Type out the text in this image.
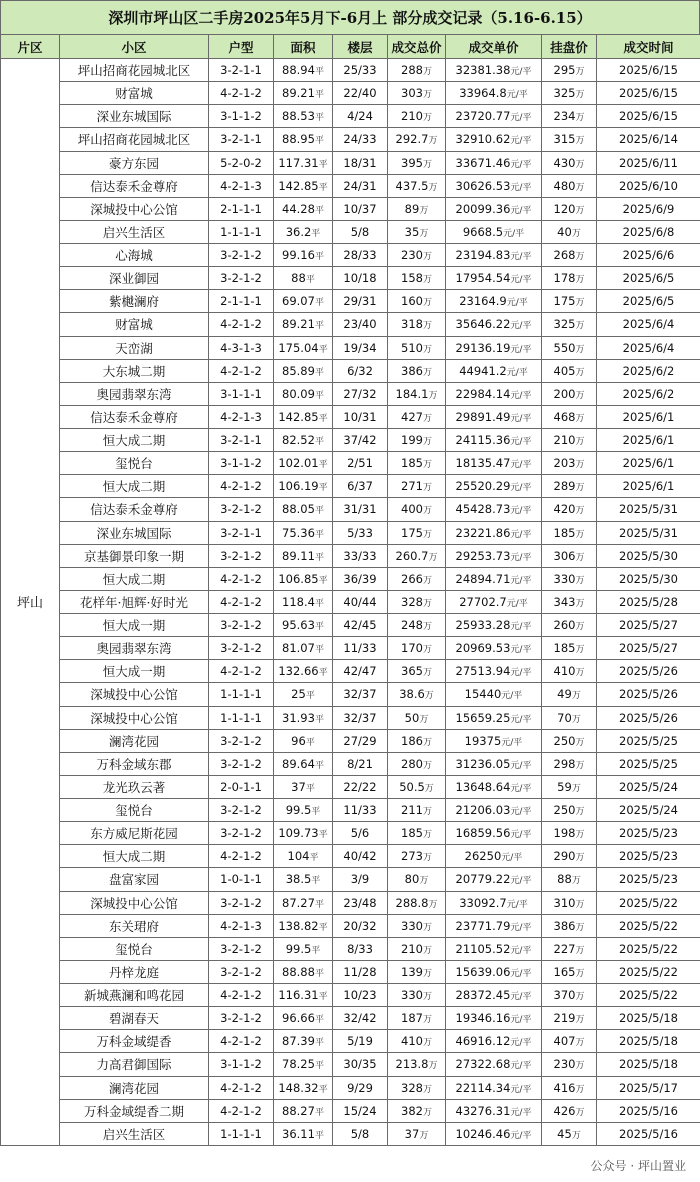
深圳市坪山区二手房2025年5月下-6月上 部分成交记录（5.16-6.15）
片区	小区	户型	面积	楼层	成交总价	成交单价	挂盘价	成交时间
坪山	坪山招商花园城北区	3-2-1-1	88.94平	25/33	288万	32381.38元/平	295万	2025/6/15
	财富城	4-2-1-2	89.21平	22/40	303万	33964.8元/平	325万	2025/6/15
	深业东城国际	3-1-1-2	88.53平	4/24	210万	23720.77元/平	234万	2025/6/15
	坪山招商花园城北区	3-2-1-1	88.95平	24/33	292.7万	32910.62元/平	315万	2025/6/14
	豪方东园	5-2-0-2	117.31平	18/31	395万	33671.46元/平	430万	2025/6/11
	信达泰禾金尊府	4-2-1-3	142.85平	24/31	437.5万	30626.53元/平	480万	2025/6/10
	深城投中心公馆	2-1-1-1	44.28平	10/37	89万	20099.36元/平	120万	2025/6/9
	启兴生活区	1-1-1-1	36.2平	5/8	35万	9668.5元/平	40万	2025/6/8
	心海城	3-2-1-2	99.16平	28/33	230万	23194.83元/平	268万	2025/6/6
	深业御园	3-2-1-2	88平	10/18	158万	17954.54元/平	178万	2025/6/5
	紫樾澜府	2-1-1-1	69.07平	29/31	160万	23164.9元/平	175万	2025/6/5
	财富城	4-2-1-2	89.21平	23/40	318万	35646.22元/平	325万	2025/6/4
	天峦湖	4-3-1-3	175.04平	19/34	510万	29136.19元/平	550万	2025/6/4
	大东城二期	4-2-1-2	85.89平	6/32	386万	44941.2元/平	405万	2025/6/2
	奥园翡翠东湾	3-1-1-1	80.09平	27/32	184.1万	22984.14元/平	200万	2025/6/2
	信达泰禾金尊府	4-2-1-3	142.85平	10/31	427万	29891.49元/平	468万	2025/6/1
	恒大成二期	3-2-1-1	82.52平	37/42	199万	24115.36元/平	210万	2025/6/1
	玺悦台	3-1-1-2	102.01平	2/51	185万	18135.47元/平	203万	2025/6/1
	恒大成二期	4-2-1-2	106.19平	6/37	271万	25520.29元/平	289万	2025/6/1
	信达泰禾金尊府	3-2-1-2	88.05平	31/31	400万	45428.73元/平	420万	2025/5/31
	深业东城国际	3-2-1-1	75.36平	5/33	175万	23221.86元/平	185万	2025/5/31
	京基御景印象一期	3-2-1-2	89.11平	33/33	260.7万	29253.73元/平	306万	2025/5/30
	恒大成二期	4-2-1-2	106.85平	36/39	266万	24894.71元/平	330万	2025/5/30
	花样年·旭辉·好时光	4-2-1-2	118.4平	40/44	328万	27702.7元/平	343万	2025/5/28
	恒大成一期	3-2-1-2	95.63平	42/45	248万	25933.28元/平	260万	2025/5/27
	奥园翡翠东湾	3-2-1-2	81.07平	11/33	170万	20969.53元/平	185万	2025/5/27
	恒大成一期	4-2-1-2	132.66平	42/47	365万	27513.94元/平	410万	2025/5/26
	深城投中心公馆	1-1-1-1	25平	32/37	38.6万	15440元/平	49万	2025/5/26
	深城投中心公馆	1-1-1-1	31.93平	32/37	50万	15659.25元/平	70万	2025/5/26
	澜湾花园	3-2-1-2	96平	27/29	186万	19375元/平	250万	2025/5/25
	万科金域东郡	3-2-1-2	89.64平	8/21	280万	31236.05元/平	298万	2025/5/25
	龙光玖云著	2-0-1-1	37平	22/22	50.5万	13648.64元/平	59万	2025/5/24
	玺悦台	3-2-1-2	99.5平	11/33	211万	21206.03元/平	250万	2025/5/24
	东方威尼斯花园	3-2-1-2	109.73平	5/6	185万	16859.56元/平	198万	2025/5/23
	恒大成二期	4-2-1-2	104平	40/42	273万	26250元/平	290万	2025/5/23
	盘富家园	1-0-1-1	38.5平	3/9	80万	20779.22元/平	88万	2025/5/23
	深城投中心公馆	3-2-1-2	87.27平	23/48	288.8万	33092.7元/平	310万	2025/5/22
	东关珺府	4-2-1-3	138.82平	20/32	330万	23771.79元/平	386万	2025/5/22
	玺悦台	3-2-1-2	99.5平	8/33	210万	21105.52元/平	227万	2025/5/22
	丹梓龙庭	3-2-1-2	88.88平	11/28	139万	15639.06元/平	165万	2025/5/22
	新城燕澜和鸣花园	4-2-1-2	116.31平	10/23	330万	28372.45元/平	370万	2025/5/22
	碧湖春天	3-2-1-2	96.66平	32/42	187万	19346.16元/平	219万	2025/5/18
	万科金域缇香	4-2-1-2	87.39平	5/19	410万	46916.12元/平	407万	2025/5/18
	力高君御国际	3-1-1-2	78.25平	30/35	213.8万	27322.68元/平	230万	2025/5/18
	澜湾花园	4-2-1-2	148.32平	9/29	328万	22114.34元/平	416万	2025/5/17
	万科金域缇香二期	4-2-1-2	88.27平	15/24	382万	43276.31元/平	426万	2025/5/16
	启兴生活区	1-1-1-1	36.11平	5/8	37万	10246.46元/平	45万	2025/5/16
公众号 · 坪山置业
